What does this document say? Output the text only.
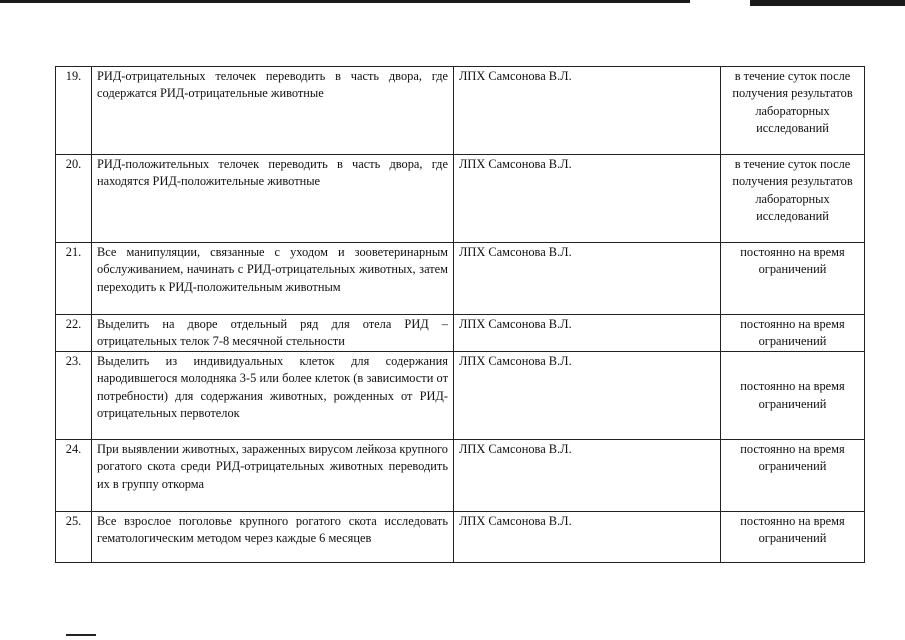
19.	РИД-отрицательных телочек переводить в часть двора, где содержатся РИД-отрицательные животные	ЛПХ Самсонова В.Л.	в течение суток после получения результатов лабораторных исследований
20.	РИД-положительных телочек переводить в часть двора, где находятся РИД-положительные животные	ЛПХ Самсонова В.Л.	в течение суток после получения результатов лабораторных исследований
21.	Все манипуляции, связанные с уходом и зооветеринарным обслуживанием, начинать с РИД-отрицательных животных, затем переходить к РИД-положительным животным	ЛПХ Самсонова В.Л.	постоянно на время ограничений
22.	Выделить на дворе отдельный ряд для отела РИД – отрицательных телок 7-8 месячной стельности	ЛПХ Самсонова В.Л.	постоянно на время ограничений
23.	Выделить из индивидуальных клеток для содержания народившегося молодняка 3-5 или более клеток (в зависимости от потребности) для содержания животных, рожденных от РИД-отрицательных первотелок	ЛПХ Самсонова В.Л.	постоянно на время ограничений
24.	При выявлении животных, зараженных вирусом лейкоза крупного рогатого скота среди РИД-отрицательных животных переводить их в группу откорма	ЛПХ Самсонова В.Л.	постоянно на время ограничений
25.	Все взрослое поголовье крупного рогатого скота исследовать гематологическим методом через каждые 6 месяцев	ЛПХ Самсонова В.Л.	постоянно на время ограничений
